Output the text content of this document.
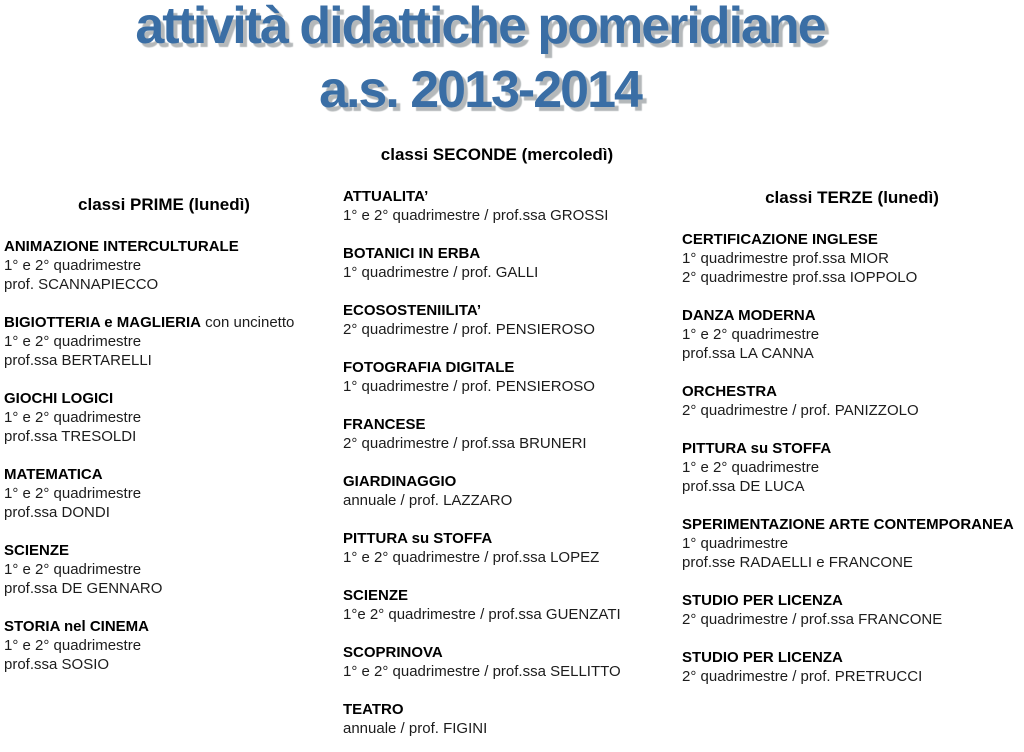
attività didattiche pomeridiane
a.s. 2013-2014
classi PRIME (lunedì)
ANIMAZIONE INTERCULTURALE
1° e 2° quadrimestre
prof. SCANNAPIECCO
BIGIOTTERIA e MAGLIERIA con uncinetto
1° e 2° quadrimestre
prof.ssa BERTARELLI
GIOCHI LOGICI
1° e 2° quadrimestre
prof.ssa TRESOLDI
MATEMATICA
1° e 2° quadrimestre
prof.ssa DONDI
SCIENZE
1° e 2° quadrimestre
prof.ssa DE GENNARO
STORIA nel CINEMA
1° e 2° quadrimestre
prof.ssa SOSIO
classi SECONDE (mercoledì)
ATTUALITA’
1° e 2° quadrimestre / prof.ssa GROSSI
BOTANICI IN ERBA
1° quadrimestre / prof. GALLI
ECOSOSTENIILITA’
2° quadrimestre / prof. PENSIEROSO
FOTOGRAFIA DIGITALE
1° quadrimestre / prof. PENSIEROSO
FRANCESE
2° quadrimestre / prof.ssa BRUNERI
GIARDINAGGIO
annuale / prof. LAZZARO
PITTURA su STOFFA
1° e 2° quadrimestre / prof.ssa LOPEZ
SCIENZE
1°e 2° quadrimestre / prof.ssa GUENZATI
SCOPRINOVA
1° e 2° quadrimestre / prof.ssa SELLITTO
TEATRO
annuale / prof. FIGINI
classi TERZE (lunedì)
CERTIFICAZIONE INGLESE
1° quadrimestre prof.ssa MIOR
2° quadrimestre prof.ssa IOPPOLO
DANZA MODERNA
1° e 2° quadrimestre
prof.ssa LA CANNA
ORCHESTRA
2° quadrimestre / prof. PANIZZOLO
PITTURA su STOFFA
1° e 2° quadrimestre
prof.ssa DE LUCA
SPERIMENTAZIONE ARTE CONTEMPORANEA
1° quadrimestre
prof.sse RADAELLI e FRANCONE
STUDIO PER LICENZA
2° quadrimestre / prof.ssa FRANCONE
STUDIO PER LICENZA
2° quadrimestre / prof. PRETRUCCI
